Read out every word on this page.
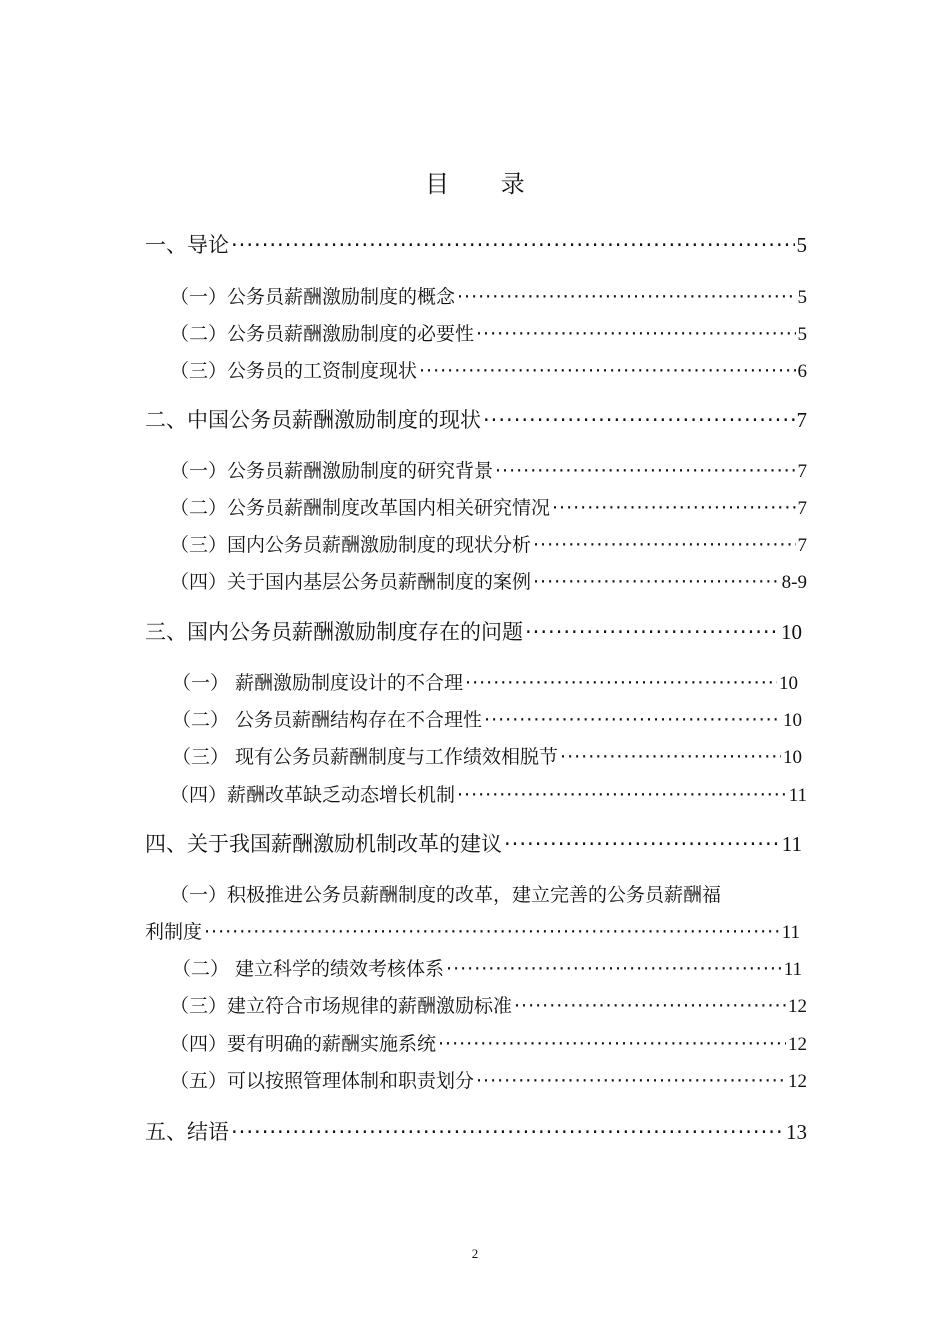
目 录
一、导论 ·····	5
（一）公务员薪酬激励制度的概念 ·····	5
（二）公务员薪酬激励制度的必要性 ·····	5
（三）公务员的工资制度现状 ·····	6
二、中国公务员薪酬激励制度的现状 ·····	7
（一）公务员薪酬激励制度的研究背景 ·····	7
（二）公务员薪酬制度改革国内相关研究情况 ·····	7
（三）国内公务员薪酬激励制度的现状分析 ·····	7
（四）关于国内基层公务员薪酬制度的案例 ·····	8-9
三、国内公务员薪酬激励制度存在的问题 ·····	10
（一） 薪酬激励制度设计的不合理 ·····	10
（二） 公务员薪酬结构存在不合理性 ·····	10
（三） 现有公务员薪酬制度与工作绩效相脱节 ·····	10
（四）薪酬改革缺乏动态增长机制 ·····	11
四、关于我国薪酬激励机制改革的建议 ·····	11
（一）积极推进公务员薪酬制度的改革，建立完善的公务员薪酬福
利制度 ·····	11
（二） 建立科学的绩效考核体系 ·····	11
（三）建立符合市场规律的薪酬激励标准 ·····	12
（四）要有明确的薪酬实施系统 ·····	12
（五）可以按照管理体制和职责划分 ·····	12
五、结语 ·····	13
2
